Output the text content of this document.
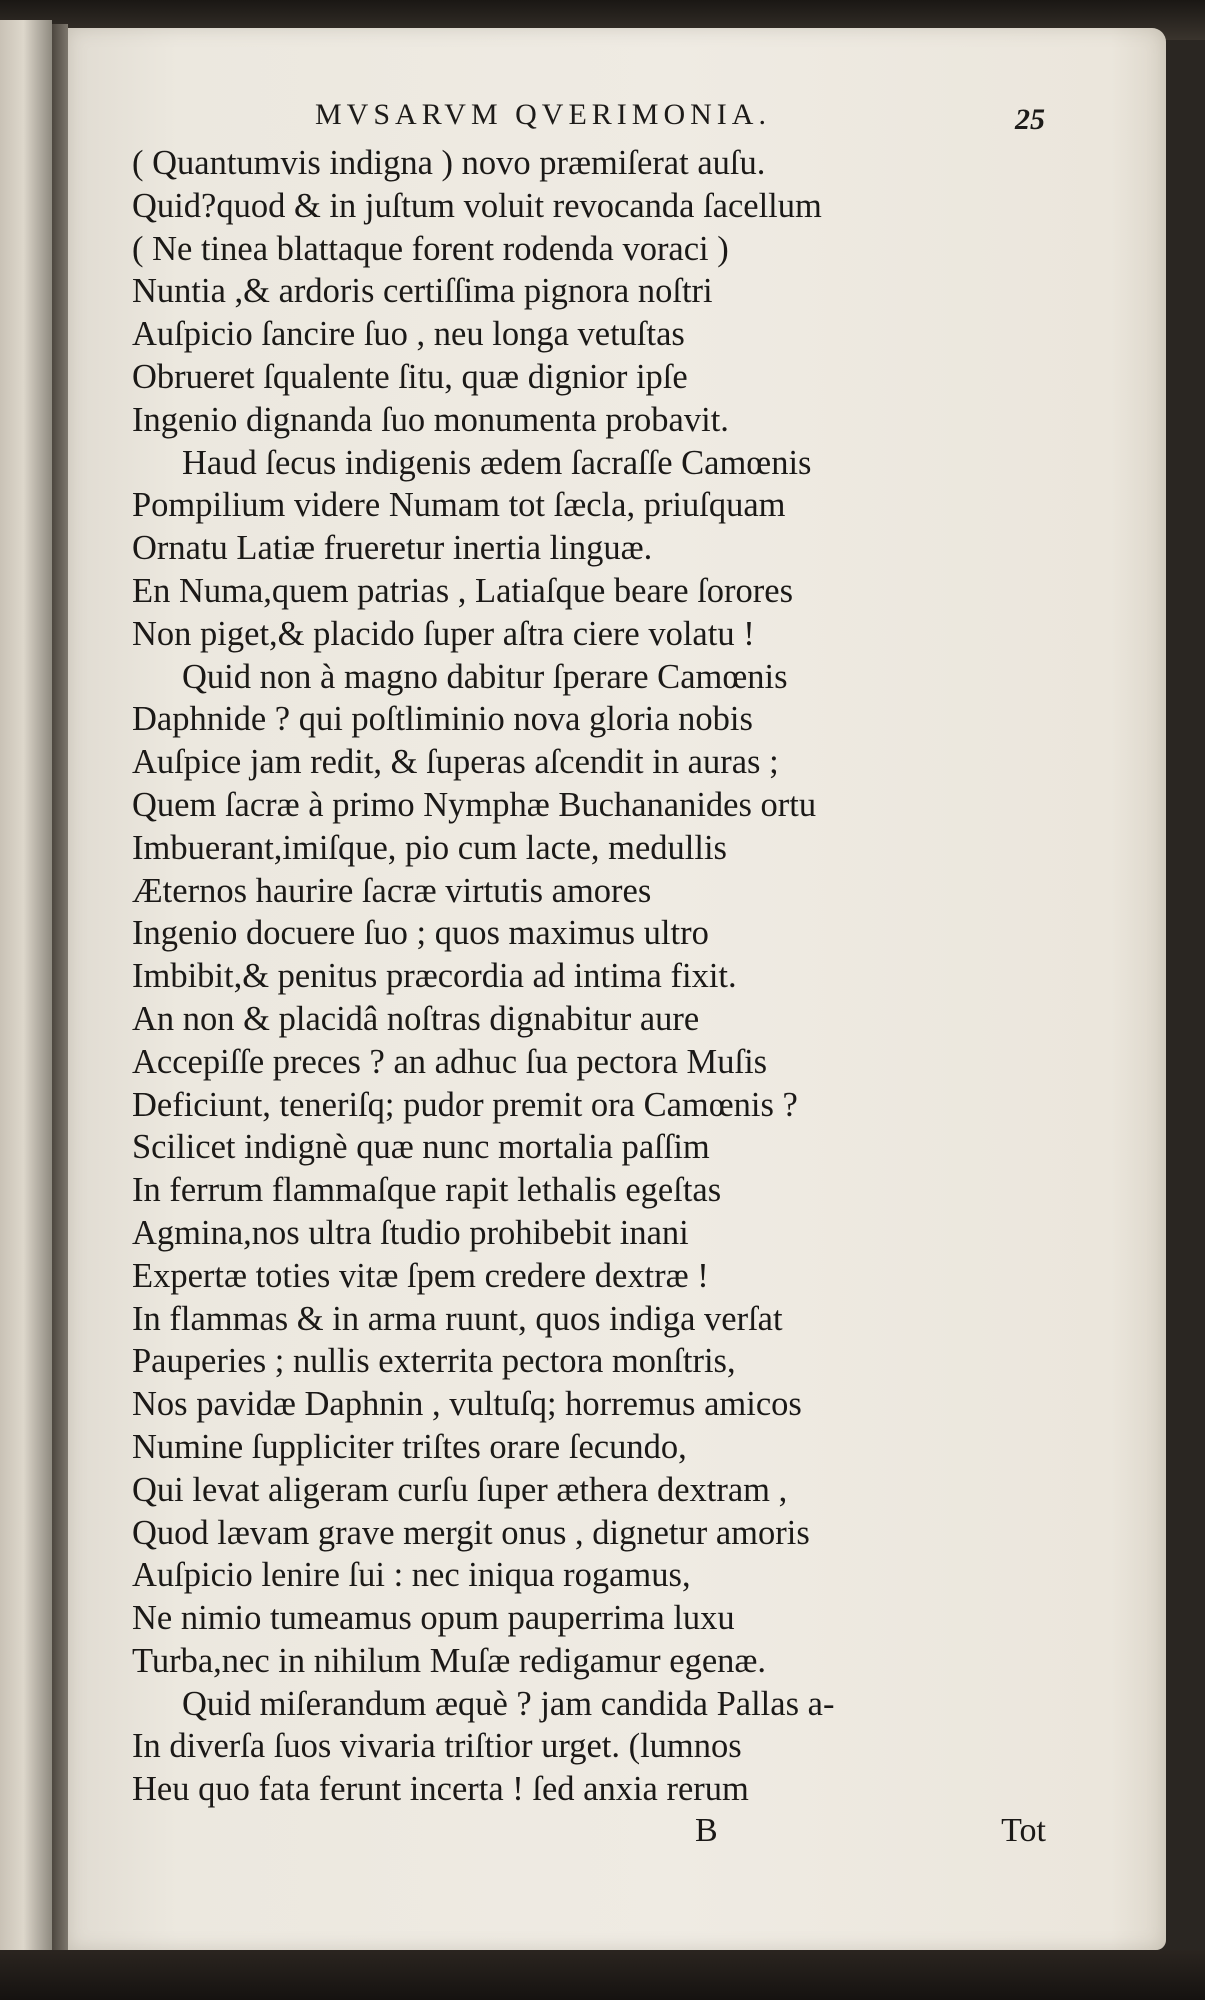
MVSARVM QVERIMONIA.	25
( Quantumvis indigna ) novo præmiſerat auſu.
Quid?quod & in juſtum voluit revocanda ſacellum
( Ne tinea blattaque forent rodenda voraci )
Nuntia ,& ardoris certiſſima pignora noſtri
Auſpicio ſancire ſuo , neu longa vetuſtas
Obrueret ſqualente ſitu, quæ dignior ipſe
Ingenio dignanda ſuo monumenta probavit.
Haud ſecus indigenis ædem ſacraſſe Camœnis
Pompilium videre Numam tot ſæcla, priuſquam
Ornatu Latiæ frueretur inertia linguæ.
En Numa,quem patrias , Latiaſque beare ſorores
Non piget,& placido ſuper aſtra ciere volatu !
Quid non à magno dabitur ſperare Camœnis
Daphnide ? qui poſtliminio nova gloria nobis
Auſpice jam redit, & ſuperas aſcendit in auras ;
Quem ſacræ à primo Nymphæ Buchananides ortu
Imbuerant,imiſque, pio cum lacte, medullis
Æternos haurire ſacræ virtutis amores
Ingenio docuere ſuo ; quos maximus ultro
Imbibit,& penitus præcordia ad intima fixit.
An non & placidâ noſtras dignabitur aure
Accepiſſe preces ? an adhuc ſua pectora Muſis
Deficiunt, teneriſq; pudor premit ora Camœnis ?
Scilicet indignè quæ nunc mortalia paſſim
In ferrum flammaſque rapit lethalis egeſtas
Agmina,nos ultra ſtudio prohibebit inani
Expertæ toties vitæ ſpem credere dextræ !
In flammas & in arma ruunt, quos indiga verſat
Pauperies ; nullis exterrita pectora monſtris,
Nos pavidæ Daphnin , vultuſq; horremus amicos
Numine ſuppliciter triſtes orare ſecundo,
Qui levat aligeram curſu ſuper æthera dextram ,
Quod lævam grave mergit onus , dignetur amoris
Auſpicio lenire ſui : nec iniqua rogamus,
Ne nimio tumeamus opum pauperrima luxu
Turba,nec in nihilum Muſæ redigamur egenæ.
Quid miſerandum æquè ? jam candida Pallas a-
In diverſa ſuos vivaria triſtior urget. (lumnos
Heu quo fata ferunt incerta ! ſed anxia rerum
B	Tot
